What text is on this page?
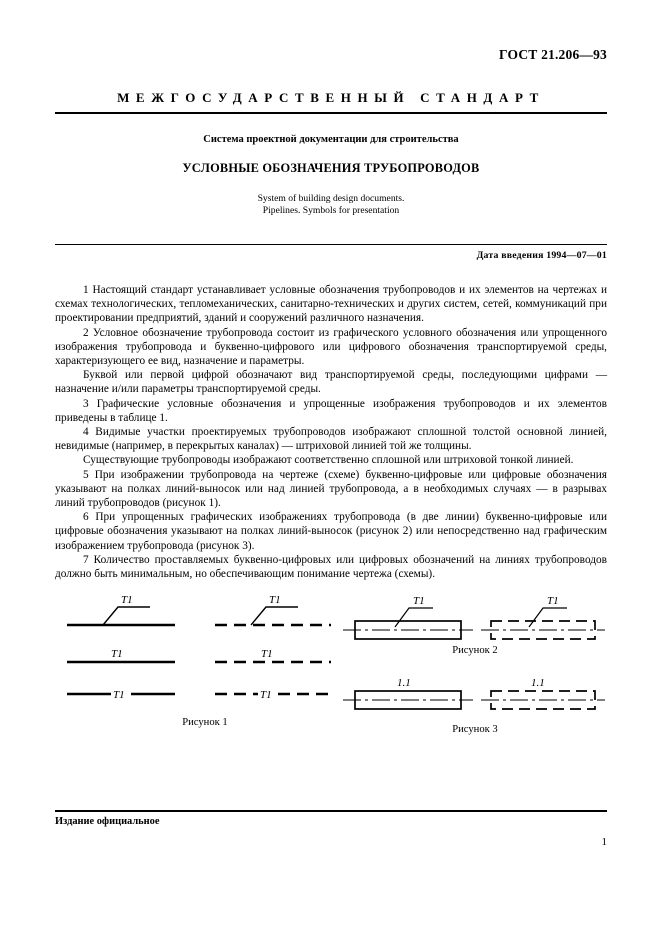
ГОСТ 21.206—93
МЕЖГОСУДАРСТВЕННЫЙ СТАНДАРТ
Система проектной документации для строительства
УСЛОВНЫЕ ОБОЗНАЧЕНИЯ ТРУБОПРОВОДОВ
System of building design documents.
Pipelines. Symbols for presentation
Дата введения 1994—07—01

1 Настоящий стандарт устанавливает условные обозначения трубопроводов и их элементов на чертежах и схемах технологических, тепломеханических, санитарно-технических и других систем, сетей, коммуникаций при проектировании предприятий, зданий и сооружений различного назначения.

2 Условное обозначение трубопровода состоит из графического условного обозначения или упрощенного изображения трубопровода и буквенно-цифрового или цифрового обозначения транспортируемой среды, характеризующего ее вид, назначение и параметры.

Буквой или первой цифрой обозначают вид транспортируемой среды, последующими цифрами — назначение и/или параметры транспортируемой среды.

3 Графические условные обозначения и упрощенные изображения трубопроводов и их элементов приведены в таблице 1.

4 Видимые участки проектируемых трубопроводов изображают сплошной толстой основной линией, невидимые (например, в перекрытых каналах) — штриховой линией той же толщины.

Существующие трубопроводы изображают соответственно сплошной или штриховой тонкой линией.

5 При изображении трубопровода на чертеже (схеме) буквенно-цифровые или цифровые обозначения указывают на полках линий-выносок или над линией трубопровода, а в необходимых случаях — в разрывах линий трубопроводов (рисунок 1).

6 При упрощенных графических изображениях трубопровода (в две линии) буквенно-цифровые или цифровые обозначения указывают на полках линий-выносок (рисунок 2) или непосредственно над графическим изображением трубопровода (рисунок 3).

7 Количество проставляемых буквенно-цифровых или цифровых обозначений на линиях трубопроводов должно быть минимальным, но обеспечивающим понимание чертежа (схемы).

T1	T1
T1	T1
T1	T1
Рисунок 1
T1	T1
Рисунок 2
1.1	1.1
Рисунок 3
Издание официальное
1
